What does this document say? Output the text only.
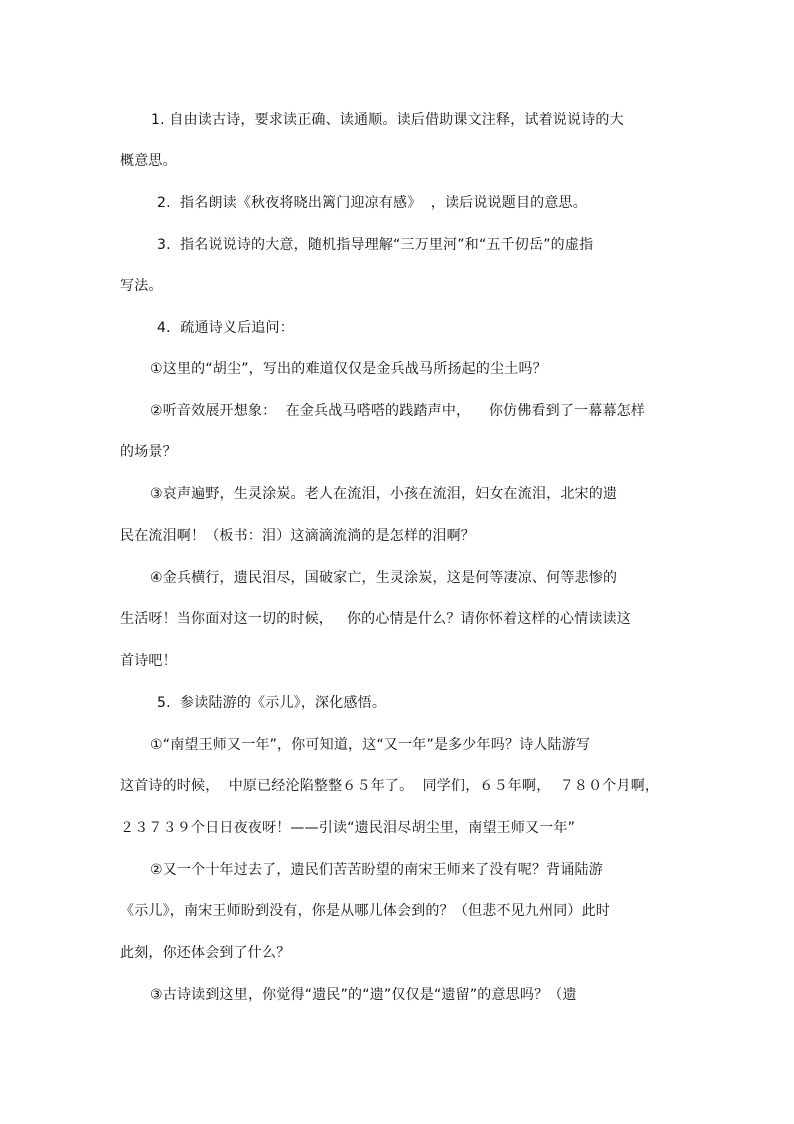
1. 自由读古诗，要求读正确、读通顺。读后借助课文注释，试着说说诗的大
概意思。
2.  指名朗读《秋夜将晓出篱门迎凉有感》  ，读后说说题目的意思。
3.  指名说说诗的大意，随机指导理解“三万里河”和“五千仞岳”的虚指
写法。
4．疏通诗义后追问：
①这里的“胡尘”，写出的难道仅仅是金兵战马所扬起的尘土吗？
②听音效展开想象：  在金兵战马嗒嗒的践踏声中，    你仿佛看到了一幕幕怎样
的场景？
③哀声遍野，生灵涂炭。老人在流泪，小孩在流泪，妇女在流泪，北宋的遗
民在流泪啊！（板书：泪）这滴滴流淌的是怎样的泪啊？
④金兵横行，遗民泪尽，国破家亡，生灵涂炭，这是何等凄凉、何等悲惨的
生活呀！当你面对这一切的时候，   你的心情是什么？请你怀着这样的心情读读这
首诗吧！
5.  参读陆游的《示儿》，深化感悟。
①“南望王师又一年”，你可知道，这“又一年”是多少年吗？诗人陆游写
这首诗的时候，  中原已经沦陷整整６５年了。  同学们，６５年啊，  ７８０个月啊，
２３７３９个日日夜夜呀！——引读“遗民泪尽胡尘里，南望王师又一年”
②又一个十年过去了，遗民们苦苦盼望的南宋王师来了没有呢？背诵陆游
《示儿》，南宋王师盼到没有，你是从哪儿体会到的？（但悲不见九州同）此时
此刻，你还体会到了什么？
③古诗读到这里，你觉得“遗民”的“遗”仅仅是“遗留”的意思吗？（遗
